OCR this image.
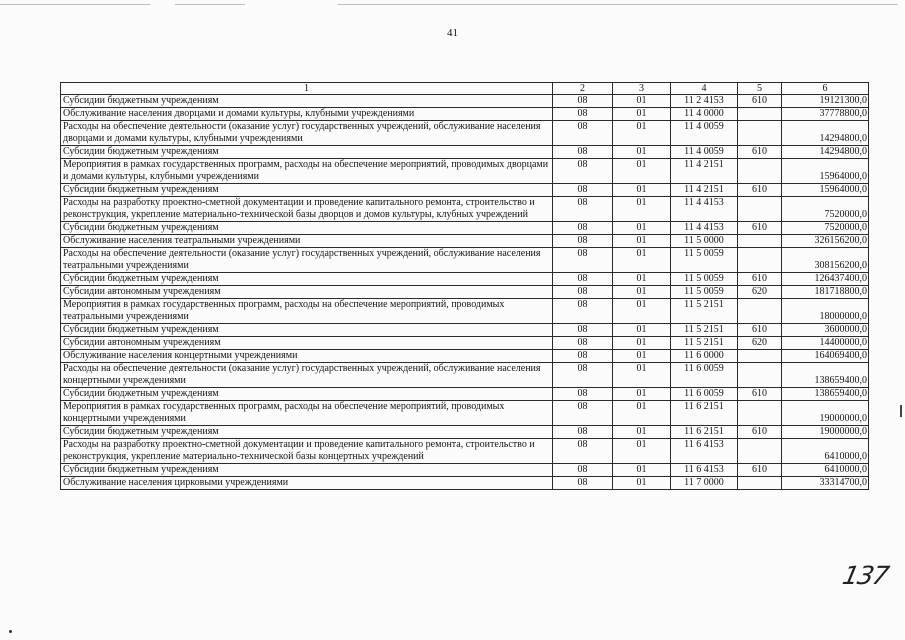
41
1	2	3	4	5	6
Субсидии бюджетным учреждениям	08	01	11 2 4153	610	19121300,0
Обслуживание населения дворцами и домами культуры, клубными учреждениями	08	01	11 4 0000		37778800,0
Расходы на обеспечение деятельности (оказание услуг) государственных учреждений, обслуживание населения дворцами и домами культуры, клубными учреждениями	08	01	11 4 0059		14294800,0
Субсидии бюджетным учреждениям	08	01	11 4 0059	610	14294800,0
Мероприятия в рамках государственных программ, расходы на обеспечение мероприятий, проводимых дворцами и домами культуры, клубными учреждениями	08	01	11 4 2151		15964000,0
Субсидии бюджетным учреждениям	08	01	11 4 2151	610	15964000,0
Расходы на разработку проектно-сметной документации и проведение капитального ремонта, строительство и реконструкция, укрепление материально-технической базы дворцов и домов культуры, клубных учреждений	08	01	11 4 4153		7520000,0
Субсидии бюджетным учреждениям	08	01	11 4 4153	610	7520000,0
Обслуживание населения театральными учреждениями	08	01	11 5 0000		326156200,0
Расходы на обеспечение деятельности (оказание услуг) государственных учреждений, обслуживание населения театральными учреждениями	08	01	11 5 0059		308156200,0
Субсидии бюджетным учреждениям	08	01	11 5 0059	610	126437400,0
Субсидии автономным учреждениям	08	01	11 5 0059	620	181718800,0
Мероприятия в рамках государственных программ, расходы на обеспечение мероприятий, проводимых театральными учреждениями	08	01	11 5 2151		18000000,0
Субсидии бюджетным учреждениям	08	01	11 5 2151	610	3600000,0
Субсидии автономным учреждениям	08	01	11 5 2151	620	14400000,0
Обслуживание населения концертными учреждениями	08	01	11 6 0000		164069400,0
Расходы на обеспечение деятельности (оказание услуг) государственных учреждений, обслуживание населения концертными учреждениями	08	01	11 6 0059		138659400,0
Субсидии бюджетным учреждениям	08	01	11 6 0059	610	138659400,0
Мероприятия в рамках государственных программ, расходы на обеспечение мероприятий, проводимых концертными учреждениями	08	01	11 6 2151		19000000,0
Субсидии бюджетным учреждениям	08	01	11 6 2151	610	19000000,0
Расходы на разработку проектно-сметной документации и проведение капитального ремонта, строительство и реконструкция, укрепление материально-технической базы концертных учреждений	08	01	11 6 4153		6410000,0
Субсидии бюджетным учреждениям	08	01	11 6 4153	610	6410000,0
Обслуживание населения цирковыми учреждениями	08	01	11 7 0000		33314700,0
137
